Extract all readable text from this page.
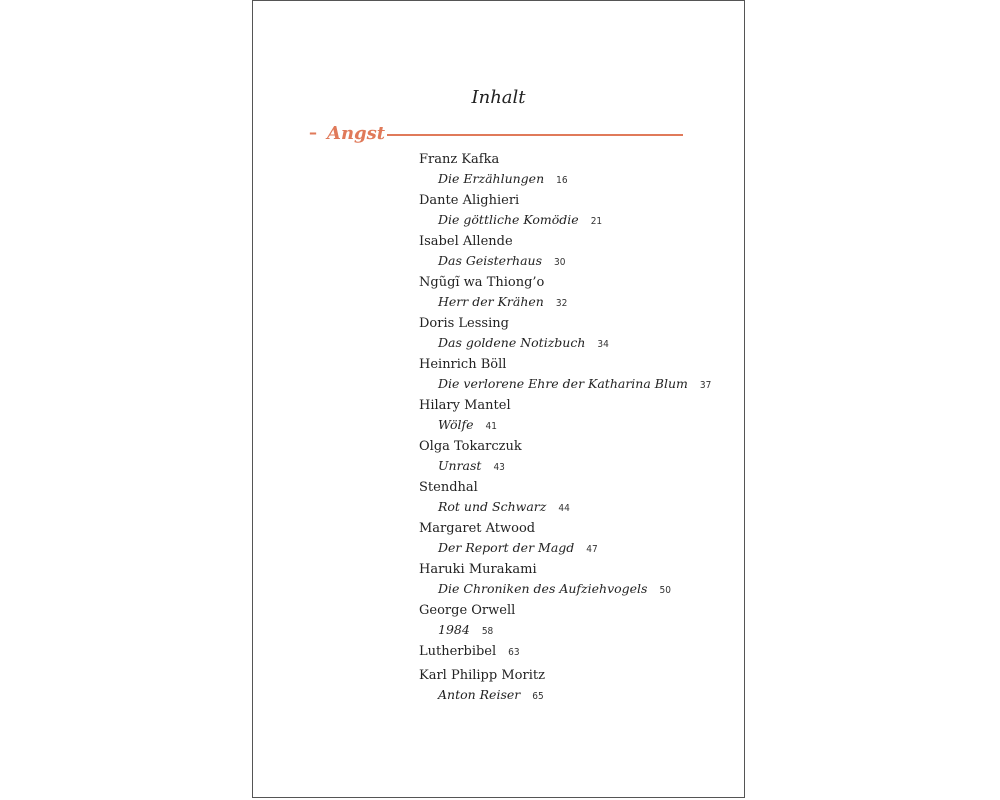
Inhalt
– Angst
Franz Kafka
Die Erzählungen 16
Dante Alighieri
Die göttliche Komödie 21
Isabel Allende
Das Geisterhaus 30
Ngũgĩ wa Thiong’o
Herr der Krähen 32
Doris Lessing
Das goldene Notizbuch 34
Heinrich Böll
Die verlorene Ehre der Katharina Blum 37
Hilary Mantel
Wölfe 41
Olga Tokarczuk
Unrast 43
Stendhal
Rot und Schwarz 44
Margaret Atwood
Der Report der Magd 47
Haruki Murakami
Die Chroniken des Aufziehvogels 50
George Orwell
1984 58
Lutherbibel 63
Karl Philipp Moritz
Anton Reiser 65
